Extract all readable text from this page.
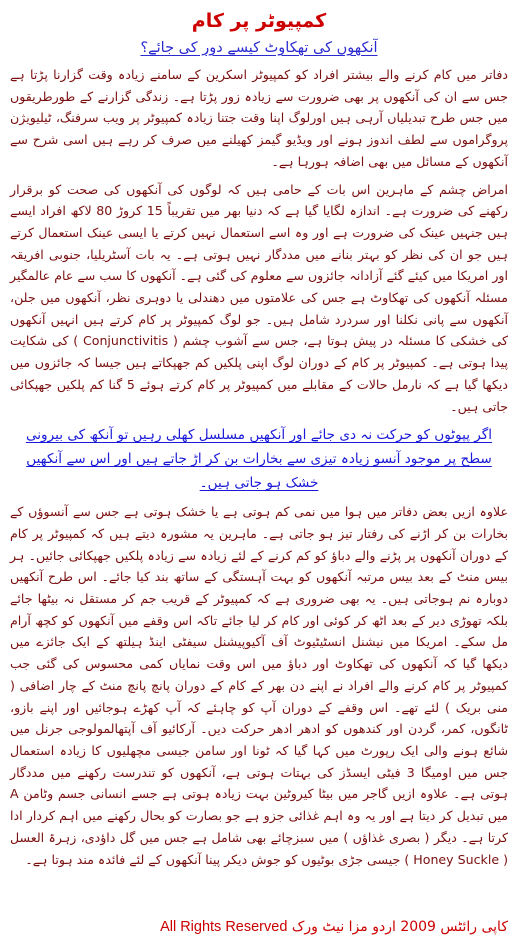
کمپیوٹر پر کام
آنکھوں کی تھکاوٹ کیسے دور کی جائے؟

دفاتر میں کام کرنے والے بیشتر افراد کو کمپیوٹر اسکرین کے سامنے زیادہ وقت گزارنا پڑتا ہے جس سے ان کی آنکھوں پر بھی ضرورت سے زیادہ زور پڑتا ہے۔ زندگی گزارنے کے طورطریقوں میں جس طرح تبدیلیاں آرہی ہیں اورلوگ اپنا وقت جتنا زیادہ کمپیوٹر پر ویب سرفنگ، ٹیلیویژن پروگراموں سے لطف اندوز ہونے اور ویڈیو گیمز کھیلنے میں صرف کر رہے ہیں اسی شرح سے آنکھوں کے مسائل میں بھی اضافہ ہورہا ہے۔

امراض چشم کے ماہرین اس بات کے حامی ہیں کہ لوگوں کی آنکھوں کی صحت کو برقرار رکھنے کی ضرورت ہے۔ اندازہ لگایا گیا ہے کہ دنیا بھر میں تقریباً 15 کروڑ 80 لاکھ افراد ایسے ہیں جنہیں عینک کی ضرورت ہے اور وہ اسے استعمال نہیں کرتے یا ایسی عینک استعمال کرتے ہیں جو ان کی نظر کو بہتر بنانے میں مددگار نہیں ہوتی ہے۔ یہ بات آسٹریلیا، جنوبی افریقہ اور امریکا میں کیئے گئے آزادانہ جائزوں سے معلوم کی گئی ہے۔ آنکھوں کا سب سے عام عالمگیر مسئلہ آنکھوں کی تھکاوٹ ہے جس کی علامتوں میں دھندلی یا دوہری نظر، آنکھوں میں جلن، آنکھوں سے پانی نکلنا اور سردرد شامل ہیں۔ جو لوگ کمپیوٹر پر کام کرتے ہیں انہیں آنکھوں کی خشکی کا مسئلہ در پیش ہوتا ہے، جس سے آشوب چشم ( Conjunctivitis ) کی شکایت پیدا ہوتی ہے۔ کمپیوٹر پر کام کے دوران لوگ اپنی پلکیں کم جھپکاتے ہیں جیسا کہ جائزوں میں دیکھا گیا ہے کہ نارمل حالات کے مقابلے میں کمپیوٹر پر کام کرتے ہوئے 5 گنا کم پلکیں جھپکائی جاتی ہیں۔

اگر پپوٹوں کو حرکت نہ دی جائے اور آنکھیں مسلسل کھلی رہیں تو آنکھ کی بیرونی سطح پر موجود آنسو زیادہ تیزی سے بخارات بن کر اڑ جاتے ہیں اور اس سے آنکھیں خشک ہو جاتی ہیں۔

علاوہ ازیں بعض دفاتر میں ہوا میں نمی کم ہوتی ہے یا خشک ہوتی ہے جس سے آنسوؤں کے بخارات بن کر اڑنے کی رفتار تیز ہو جاتی ہے۔ ماہرین یہ مشورہ دیتے ہیں کہ کمپیوٹر پر کام کے دوران آنکھوں پر پڑنے والے دباؤ کو کم کرنے کے لئے زیادہ سے زیادہ پلکیں جھپکائی جائیں۔ ہر بیس منٹ کے بعد بیس مرتبہ آنکھوں کو بہت آہستگی کے ساتھ بند کیا جائے۔ اس طرح آنکھیں دوبارہ نم ہوجاتی ہیں۔ یہ بھی ضروری ہے کہ کمپیوٹر کے قریب جم کر مستقل نہ بیٹھا جائے بلکہ تھوڑی دیر کے بعد اٹھ کر کوئی اور کام کر لیا جائے تاکہ اس وقفے میں آنکھوں کو کچھ آرام مل سکے۔ امریکا میں نیشنل انسٹیٹیوٹ آف آکیوپیشنل سیفٹی اینڈ ہیلتھ کے ایک جائزے میں دیکھا گیا کہ آنکھوں کی تھکاوٹ اور دباؤ میں اس وقت نمایاں کمی محسوس کی گئی جب کمپیوٹر پر کام کرنے والے افراد نے اپنے دن بھر کے کام کے دوران پانچ پانچ منٹ کے چار اضافی ( منی بریک ) لئے تھے۔ اس وقفے کے دوران آپ کو چاہئے کہ آپ کھڑے ہوجائیں اور اپنے بازو، ٹانگوں، کمر، گردن اور کندھوں کو ادھر ادھر حرکت دیں۔ آرکائیو آف آپتھالمولوجی جرنل میں شائع ہونے والی ایک رپورٹ میں کہا گیا کہ ٹونا اور سامن جیسی مچھلیوں کا زیادہ استعمال جس میں اومیگا 3 فیٹی ایسڈز کی بہتات ہوتی ہے، آنکھوں کو تندرست رکھنے میں مددگار ہوتی ہے۔ علاوہ ازیں گاجر میں بیٹا کیروٹین بہت زیادہ ہوتی ہے جسے انسانی جسم وٹامن A میں تبدیل کر دیتا ہے اور یہ وہ اہم غذائی جزو ہے جو بصارت کو بحال رکھنے میں اہم کردار ادا کرتا ہے۔ دیگر ( بصری غذاؤں ) میں سبزچائے بھی شامل ہے جس میں گل داؤدی، زہرۃ العسل ( Honey Suckle ) جیسی جڑی بوٹیوں کو جوش دیکر پینا آنکھوں کے لئے فائدہ مند ہوتا ہے۔

کاپی رائٹس 2009 اردو مزا نیٹ ورک All Rights Reserved
